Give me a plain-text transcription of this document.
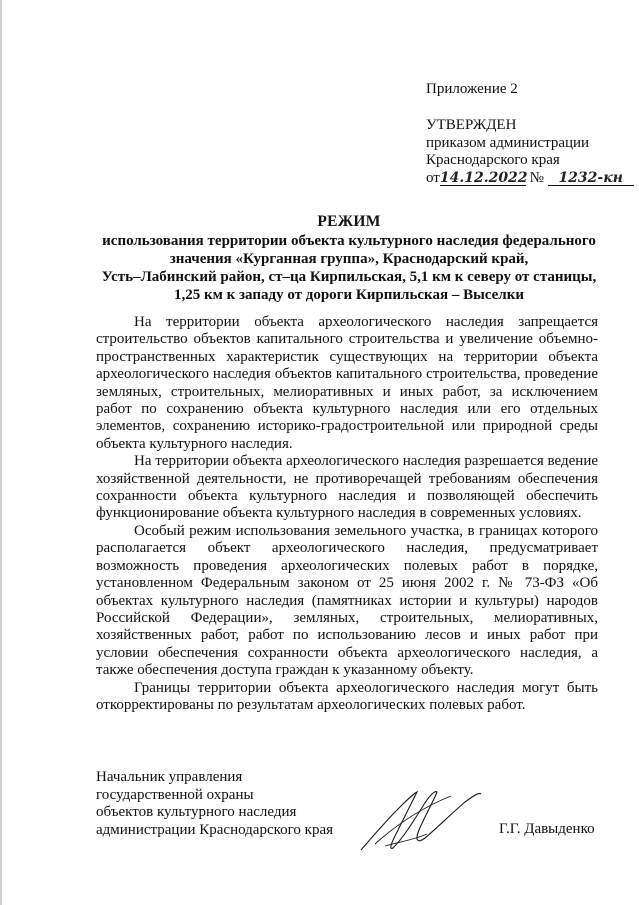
Приложение 2
УТВЕРЖДЕН
приказом администрации
Краснодарского края
от14.12.2022 № 1232-кн
РЕЖИМ
использования территории объекта культурного наследия федерального
значения «Курганная группа», Краснодарский край,
Усть–Лабинский район, ст–ца Кирпильская, 5,1 км к северу от станицы,
1,25 км к западу от дороги Кирпильская – Выселки

На территории объекта археологического наследия запрещается строительство объектов капитального строительства и увеличение объемно-пространственных характеристик существующих на территории объекта археологического наследия объектов капитального строительства, проведение земляных, строительных, мелиоративных и иных работ, за исключением работ по сохранению объекта культурного наследия или его отдельных элементов, сохранению историко-градостроительной или природной среды объекта культурного наследия.

На территории объекта археологического наследия разрешается ведение хозяйственной деятельности, не противоречащей требованиям обеспечения сохранности объекта культурного наследия и позволяющей обеспечить функционирование объекта культурного наследия в современных условиях.

Особый режим использования земельного участка, в границах которого располагается объект археологического наследия, предусматривает возможность проведения археологических полевых работ в порядке, установленном Федеральным законом от 25 июня 2002 г. № 73-ФЗ «Об объектах культурного наследия (памятниках истории и культуры) народов Российской Федерации», земляных, строительных, мелиоративных, хозяйственных работ, работ по использованию лесов и иных работ при условии обеспечения сохранности объекта археологического наследия, а также обеспечения доступа граждан к указанному объекту.

Границы территории объекта археологического наследия могут быть откорректированы по результатам археологических полевых работ.

Начальник управления
государственной охраны
объектов культурного наследия
администрации Краснодарского края	Г.Г. Давыденко
